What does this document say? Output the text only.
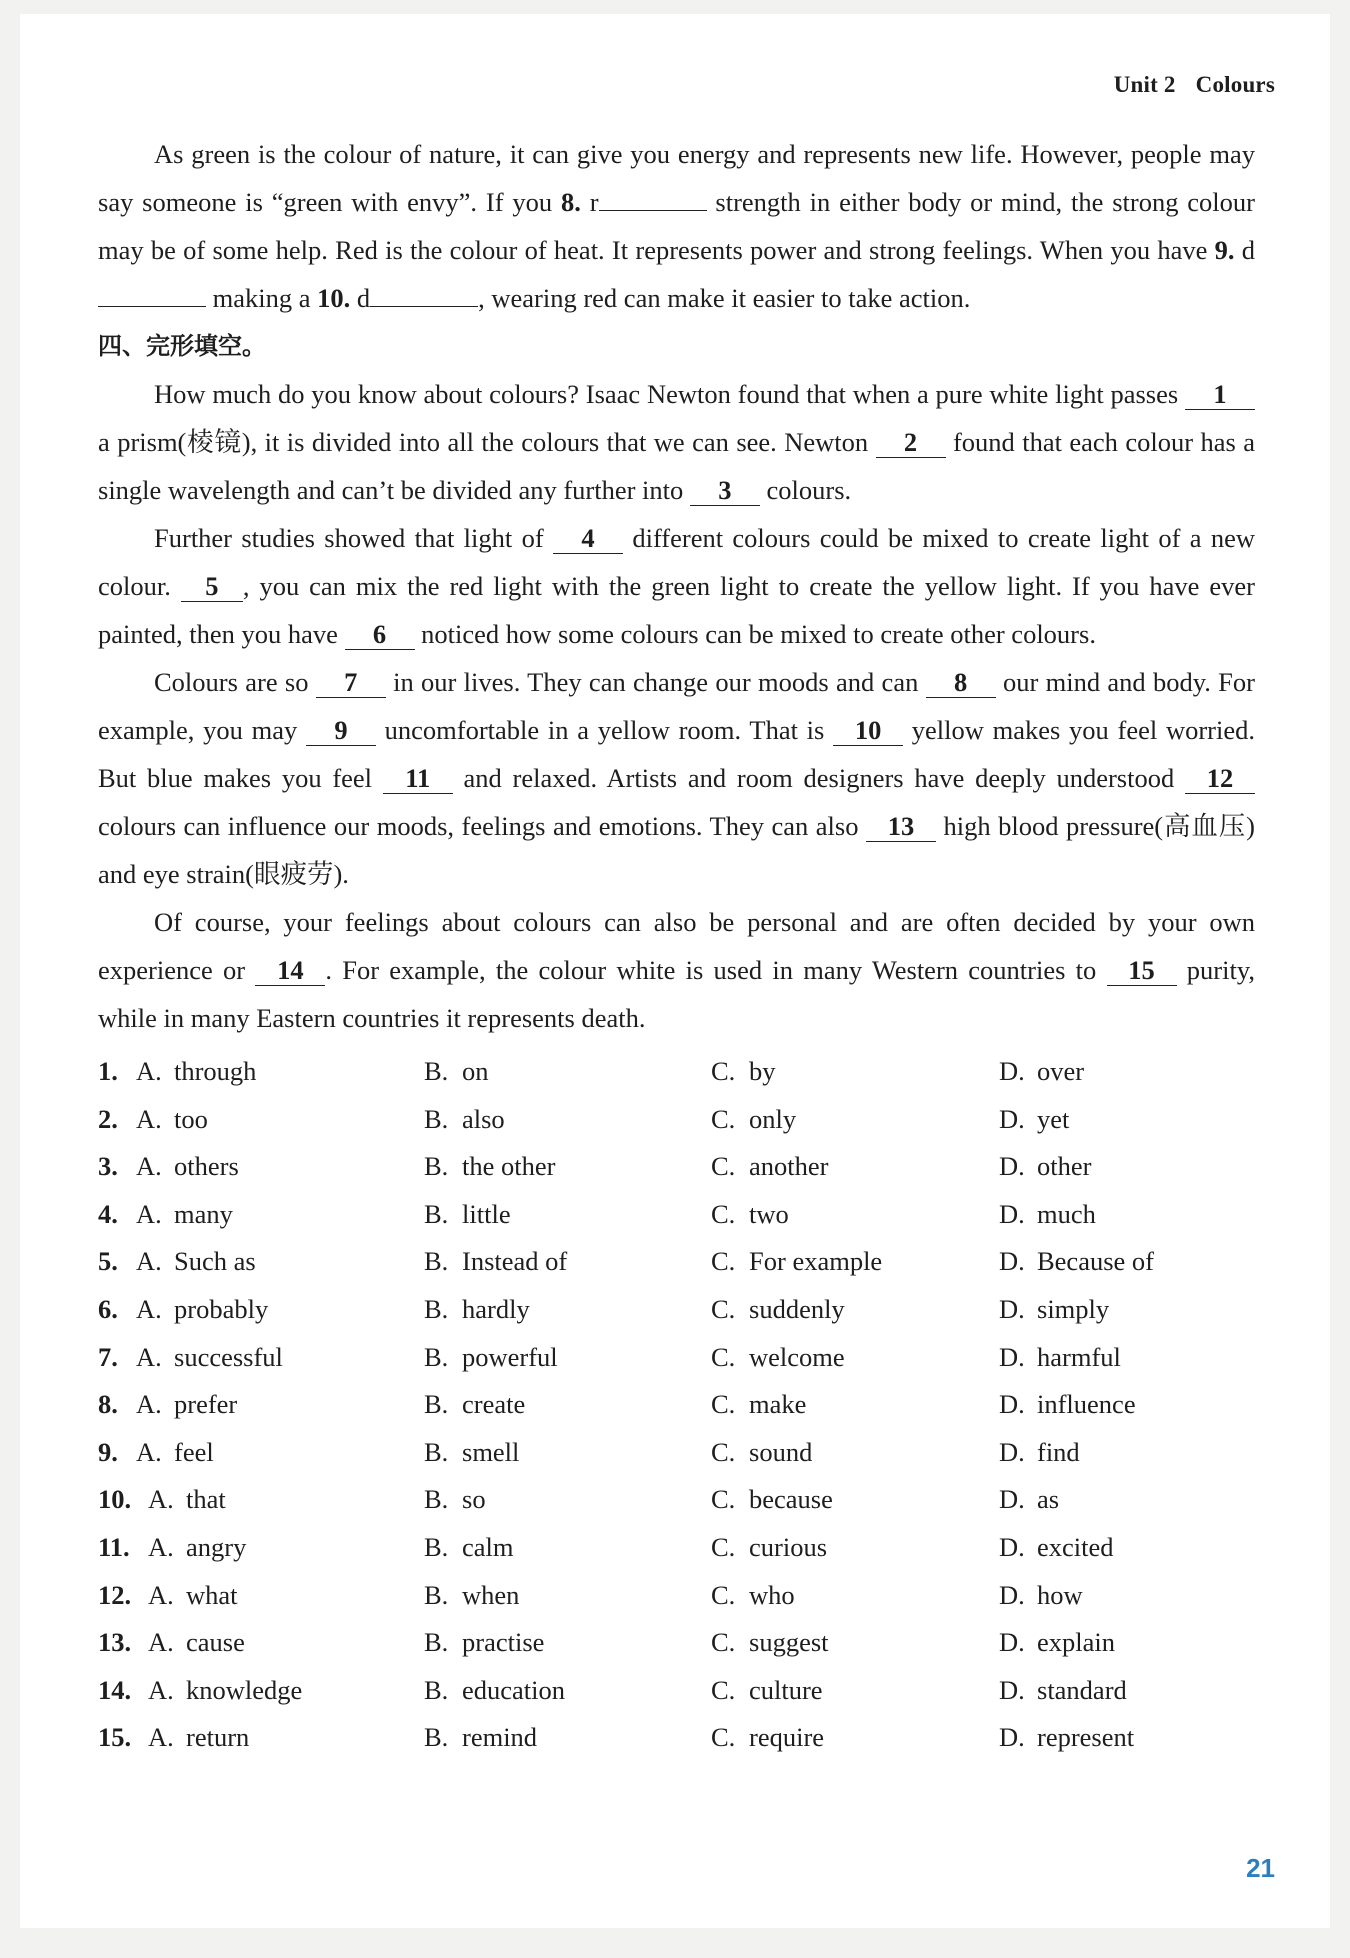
Unit 2 Colours

As green is the colour of nature, it can give you energy and represents new life. However, people may say someone is “green with envy”. If you 8. r	strength in either body or mind, the strong colour may be of some help. Red is the colour of heat. It represents power and strong feelings. When you have 9. d making a 10. d	, wearing red can make it easier to take action.

四、完形填空。

How much do you know about colours? Isaac Newton found that when a pure white light passes 1 a prism(棱镜), it is divided into all the colours that we can see. Newton 2 found that each colour has a single wavelength and can’t be divided any further into 3 colours.

Further studies showed that light of 4 different colours could be mixed to create light of a new colour. 5 , you can mix the red light with the green light to create the yellow light. If you have ever painted, then you have 6 noticed how some colours can be mixed to create other colours.

Colours are so 7 in our lives. They can change our moods and can 8 our mind and body. For example, you may 9 uncomfortable in a yellow room. That is 10 yellow makes you feel worried. But blue makes you feel 11 and relaxed. Artists and room designers have deeply understood 12 colours can influence our moods, feelings and emotions. They can also 13 high blood pressure(高血压) and eye strain(眼疲劳).

Of course, your feelings about colours can also be personal and are often decided by your own experience or 14 . For example, the colour white is used in many Western countries to 15 purity, while in many Eastern countries it represents death.

1. A. through	B. on	C. by	D. over
2. A. too	B. also	C. only	D. yet
3. A. others	B. the other	C. another	D. other
4. A. many	B. little	C. two	D. much
5. A. Such as	B. Instead of	C. For example	D. Because of
6. A. probably	B. hardly	C. suddenly	D. simply
7. A. successful	B. powerful	C. welcome	D. harmful
8. A. prefer	B. create	C. make	D. influence
9. A. feel	B. smell	C. sound	D. find
10. A. that	B. so	C. because	D. as
11. A. angry	B. calm	C. curious	D. excited
12. A. what	B. when	C. who	D. how
13. A. cause	B. practise	C. suggest	D. explain
14. A. knowledge	B. education	C. culture	D. standard
15. A. return	B. remind	C. require	D. represent
21
